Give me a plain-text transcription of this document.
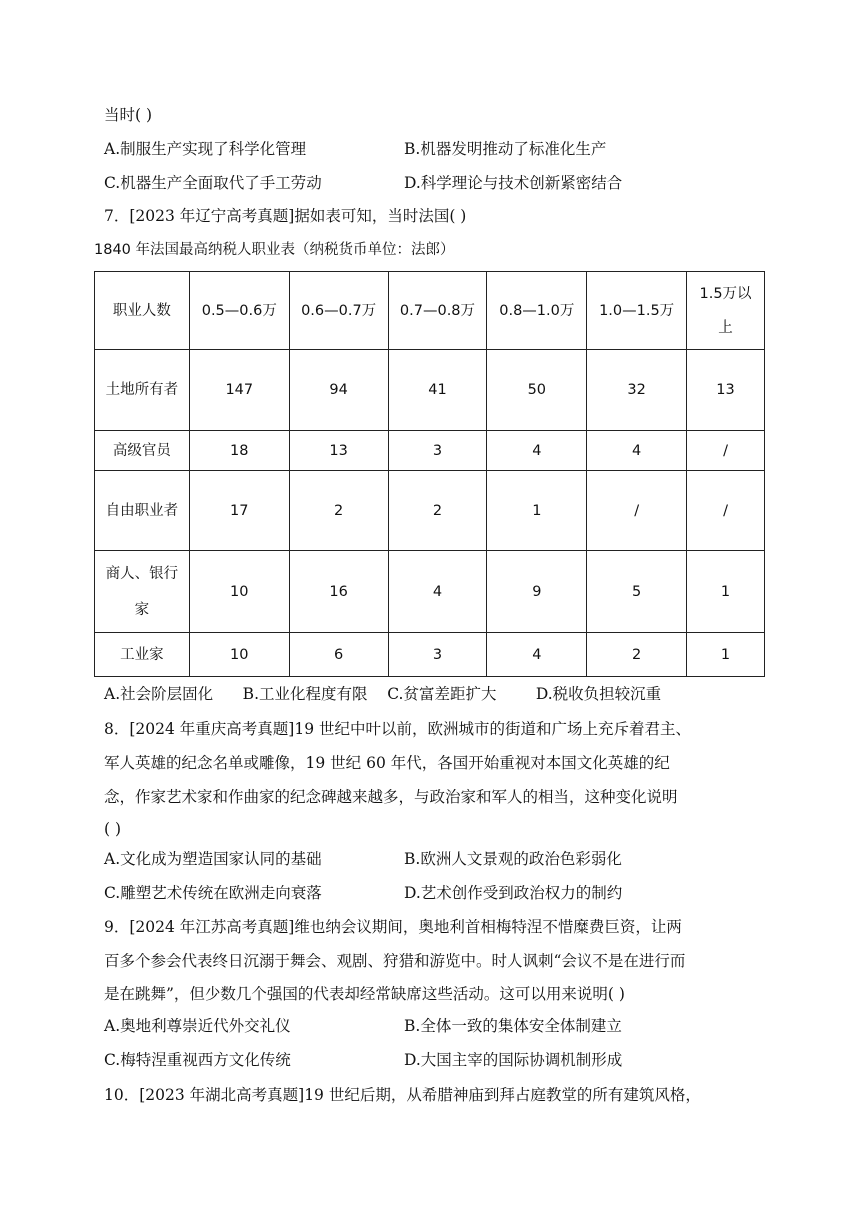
当时( )
A.制服生产实现了科学化管理	B.机器发明推动了标准化生产
C.机器生产全面取代了手工劳动	D.科学理论与技术创新紧密结合
7．[2023 年辽宁高考真题]据如表可知，当时法国( )
1840 年法国最高纳税人职业表（纳税货币单位：法郎）
职业人数	0.5—0.6万	0.6—0.7万	0.7—0.8万	0.8—1.0万	1.0—1.5万	1.5万以上
土地所有者	147	94	41	50	32	13
高级官员	18	13	3	4	4	/
自由职业者	17	2	2	1	/	/
商人、银行家	10	16	4	9	5	1
工业家	10	6	3	4	2	1
A.社会阶层固化      B.工业化程度有限    C.贫富差距扩大        D.税收负担较沉重
8．[2024 年重庆高考真题]19 世纪中叶以前，欧洲城市的街道和广场上充斥着君主、
军人英雄的纪念名单或雕像，19 世纪 60 年代，各国开始重视对本国文化英雄的纪
念，作家艺术家和作曲家的纪念碑越来越多，与政治家和军人的相当，这种变化说明
( )
A.文化成为塑造国家认同的基础	B.欧洲人文景观的政治色彩弱化
C.雕塑艺术传统在欧洲走向衰落	D.艺术创作受到政治权力的制约
9．[2024 年江苏高考真题]维也纳会议期间，奥地利首相梅特涅不惜糜费巨资，让两
百多个参会代表终日沉溺于舞会、观剧、狩猎和游览中。时人讽刺“会议不是在进行而
是在跳舞”，但少数几个强国的代表却经常缺席这些活动。这可以用来说明( )
A.奥地利尊崇近代外交礼仪	B.全体一致的集体安全体制建立
C.梅特涅重视西方文化传统	D.大国主宰的国际协调机制形成
10．[2023 年湖北高考真题]19 世纪后期，从希腊神庙到拜占庭教堂的所有建筑风格，
